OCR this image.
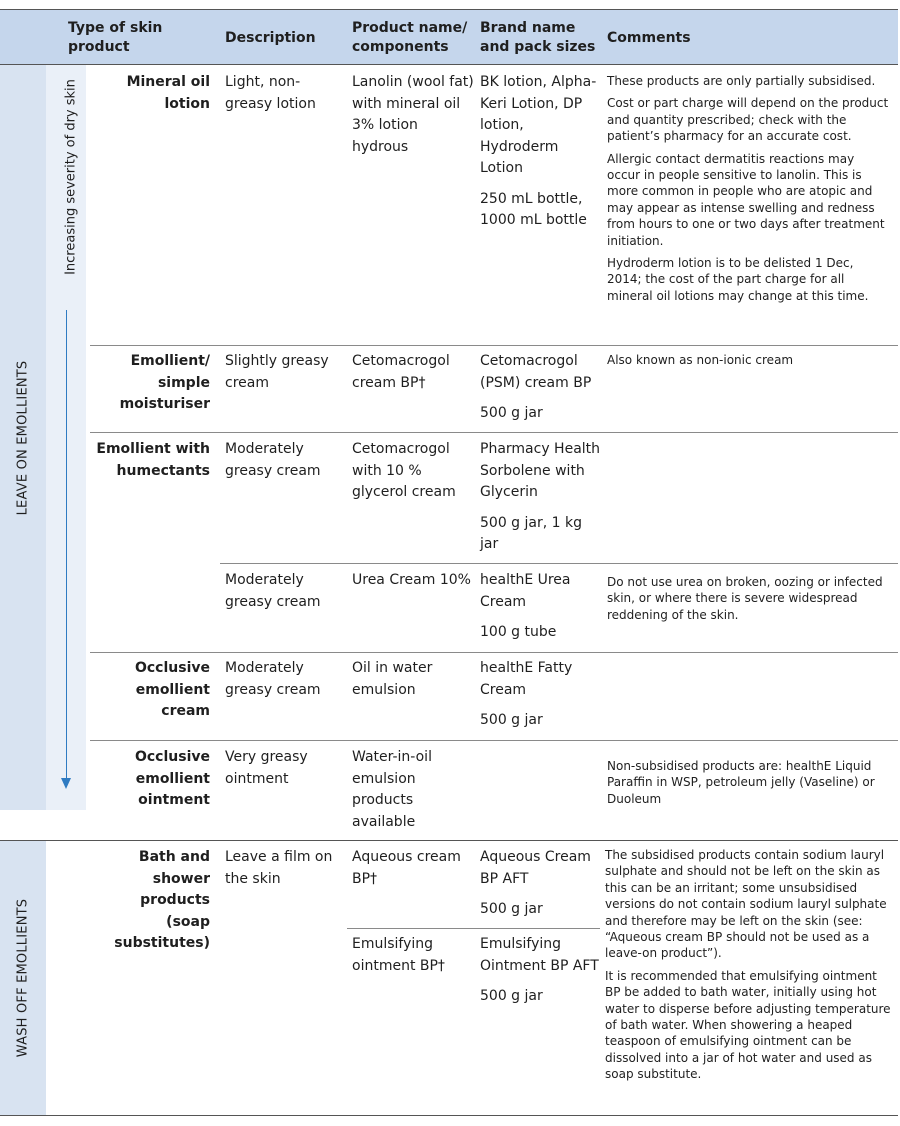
Type of skin product
Description
Product name/ components
Brand name and pack sizes
Comments
LEAVE ON EMOLLIENTS
WASH OFF EMOLLIENTS
Increasing severity of dry skin	Mineral oil lotion
Light, non-greasy lotion
Lanolin (wool fat) with mineral oil 3% lotion hydrous
BK lotion, Alpha-Keri Lotion, DP lotion, Hydroderm Lotion
250 mL bottle, 1000 mL bottle

These products are only partially subsidised.

Cost or part charge will depend on the product and quantity prescribed; check with the patient’s pharmacy for an accurate cost.

Allergic contact dermatitis reactions may occur in people sensitive to lanolin. This is more common in people who are atopic and may appear as intense swelling and redness from hours to one or two days after treatment initiation.

Hydroderm lotion is to be delisted 1 Dec, 2014; the cost of the part charge for all mineral oil lotions may change at this time.

Emollient/ simple moisturiser
Slightly greasy cream
Cetomacrogol cream BP†
Cetomacrogol (PSM) cream BP
500 g jar
Also known as non-ionic cream
Emollient with humectants
Moderately greasy cream
Cetomacrogol with 10 % glycerol cream
Pharmacy Health Sorbolene with Glycerin
500 g jar, 1 kg jar
Moderately greasy cream
Urea Cream 10% healthE Urea Cream
100 g tube
Do not use urea on broken, oozing or infected skin, or where there is severe widespread reddening of the skin.
Occlusive emollient cream
Moderately greasy cream
Oil in water emulsion
healthE Fatty Cream
500 g jar
Occlusive emollient ointment
Very greasy ointment
Water-in-oil emulsion products available
Non-subsidised products are: healthE Liquid Paraffin in WSP, petroleum jelly (Vaseline) or Duoleum
Bath and shower products (soap substitutes)
Leave a film on the skin
Aqueous cream BP†
Aqueous Cream BP AFT
500 g jar
Emulsifying ointment BP†
Emulsifying Ointment BP AFT
500 g jar

The subsidised products contain sodium lauryl sulphate and should not be left on the skin as this can be an irritant; some unsubsidised versions do not contain sodium lauryl sulphate and therefore may be left on the skin (see: “Aqueous cream BP should not be used as a leave-on product”).

It is recommended that emulsifying ointment BP be added to bath water, initially using hot water to disperse before adjusting temperature of bath water. When showering a heaped teaspoon of emulsifying ointment can be dissolved into a jar of hot water and used as soap substitute.
